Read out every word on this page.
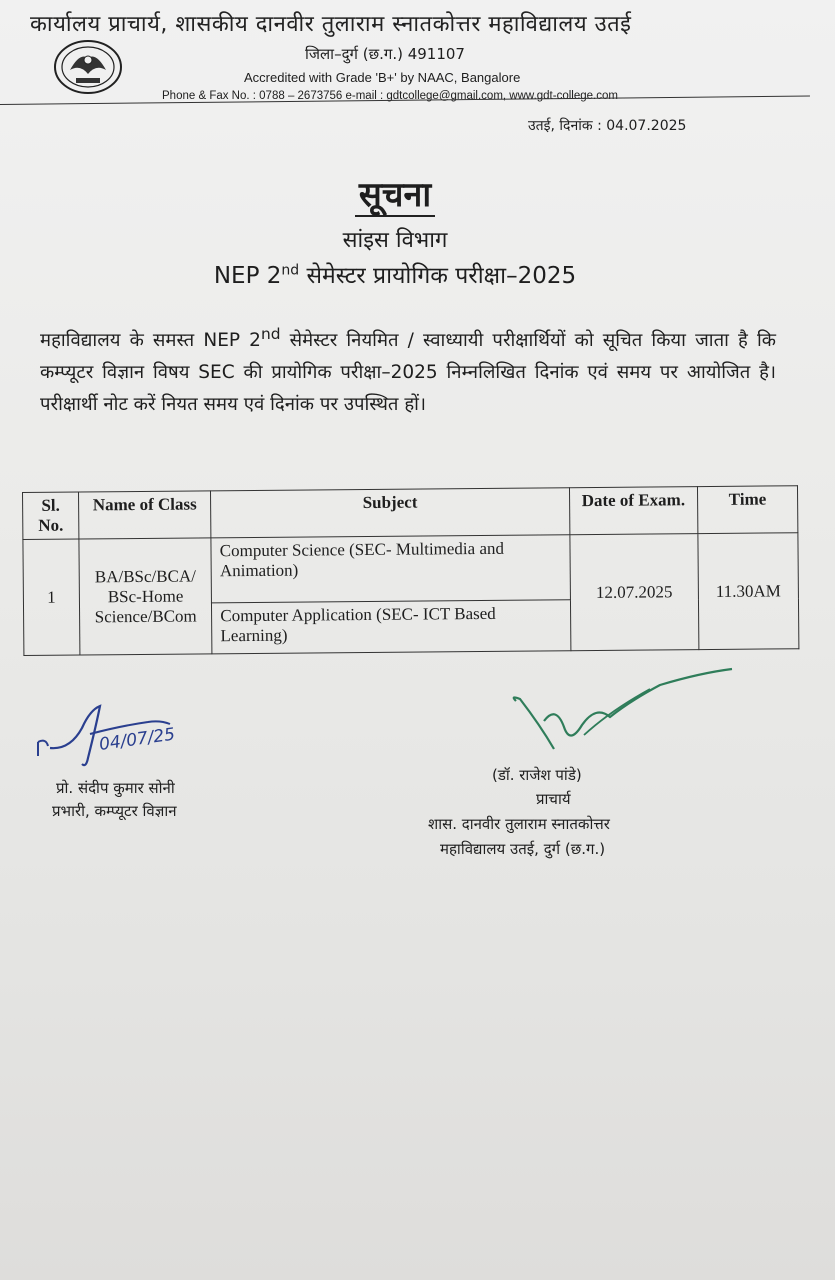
कार्यालय प्राचार्य, शासकीय दानवीर तुलाराम स्नातकोत्तर महाविद्यालय उतई
जिला–दुर्ग (छ.ग.) 491107
Accredited with Grade 'B+' by NAAC, Bangalore
Phone & Fax No. : 0788 – 2673756 e-mail : gdtcollege@gmail.com, www.gdt-college.com
उतई, दिनांक : 04.07.2025
सूचना
सांइस विभाग
NEP 2nd सेमेस्टर प्रायोगिक परीक्षा–2025
महाविद्यालय के समस्त NEP 2nd सेमेस्टर नियमित / स्वाध्यायी परीक्षार्थियों को सूचित किया जाता है कि कम्प्यूटर विज्ञान विषय SEC की प्रायोगिक परीक्षा–2025 निम्नलिखित दिनांक एवं समय पर आयोजित है। परीक्षार्थी नोट करें नियत समय एवं दिनांक पर उपस्थित हों।
Sl. No.	Name of Class	Subject	Date of Exam.	Time
1	BA/BSc/BCA/ BSc-Home Science/BCom	Computer Science (SEC- Multimedia and Animation)	12.07.2025	11.30AM
		Computer Application (SEC- ICT Based Learning)		
04/07/25
प्रो. संदीप कुमार सोनी
प्रभारी, कम्प्यूटर विज्ञान
(डॉ. राजेश पांडे)
प्राचार्य
शास. दानवीर तुलाराम स्नातकोत्तर
महाविद्यालय उतई, दुर्ग (छ.ग.)
